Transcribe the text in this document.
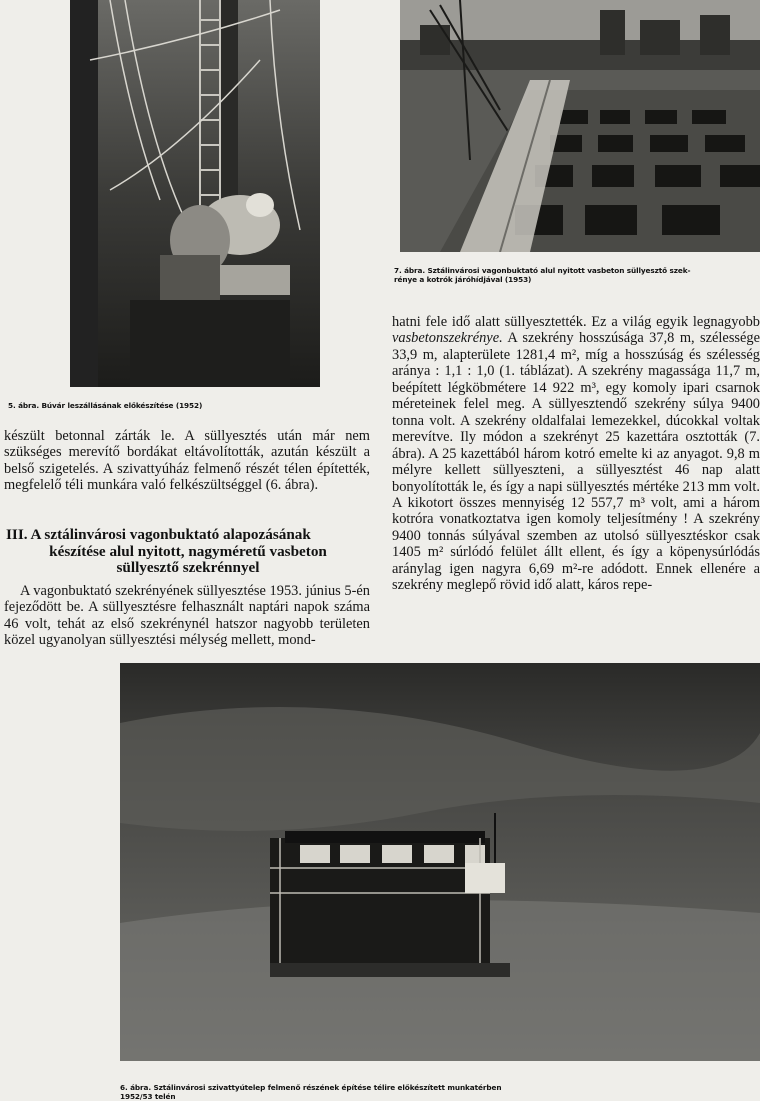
5. ábra. Búvár leszállásának előkészítése (1952)
7. ábra. Sztálinvárosi vagonbuktató alul nyitott vasbeton süllyesztő szek-
rénye a kotrók járóhídjával (1953)

készült betonnal zárták le. A süllyesztés után már nem szükséges merevítő bordákat eltávolították, azután készült a belső szigetelés. A szivattyúház felmenő részét télen építették, megfelelő téli munkára való felkészültséggel (6. ábra).

III. A sztálinvárosi vagonbuktató alapozásának
készítése alul nyitott, nagyméretű vasbeton
süllyesztő szekrénnyel

A vagonbuktató szekrényének süllyesztése 1953. június 5-én fejeződött be. A süllyesztésre felhasznált naptári napok száma 46 volt, tehát az első szekrénynél hatszor nagyobb területen közel ugyanolyan süllyesztési mélység mellett, mond-

hatni fele idő alatt süllyesztették. Ez a világ egyik legnagyobb vasbetonszekrénye. A szekrény hosszúsága 37,8 m, szélessége 33,9 m, alapterülete 1281,4 m², míg a hosszúság és szélesség aránya : 1,1 : 1,0 (1. táblázat). A szekrény magassága 11,7 m, beépített légköbmétere 14 922 m³, egy komoly ipari csarnok méreteinek felel meg. A süllyesztendő szekrény súlya 9400 tonna volt. A szekrény oldalfalai lemezekkel, dúcokkal voltak merevítve. Ily módon a szekrényt 25 kazettára osztották (7. ábra). A 25 kazettából három kotró emelte ki az anyagot. 9,8 m mélyre kellett süllyeszteni, a süllyesztést 46 nap alatt bonyolították le, és így a napi süllyesztés mértéke 213 mm volt. A kikotort összes mennyiség 12 557,7 m³ volt, ami a három kotróra vonatkoztatva igen komoly teljesítmény ! A szekrény 9400 tonnás súlyával szemben az utolsó süllyesztéskor csak 1405 m² súrlódó felület állt ellent, és így a köpenysúrlódás aránylag igen nagyra 6,69 m²-re adódott. Ennek ellenére a szekrény meglepő rövid idő alatt, káros repe-

6. ábra. Sztálinvárosi szivattyútelep felmenő részének építése télire előkészített munkatérben
1952/53 telén
